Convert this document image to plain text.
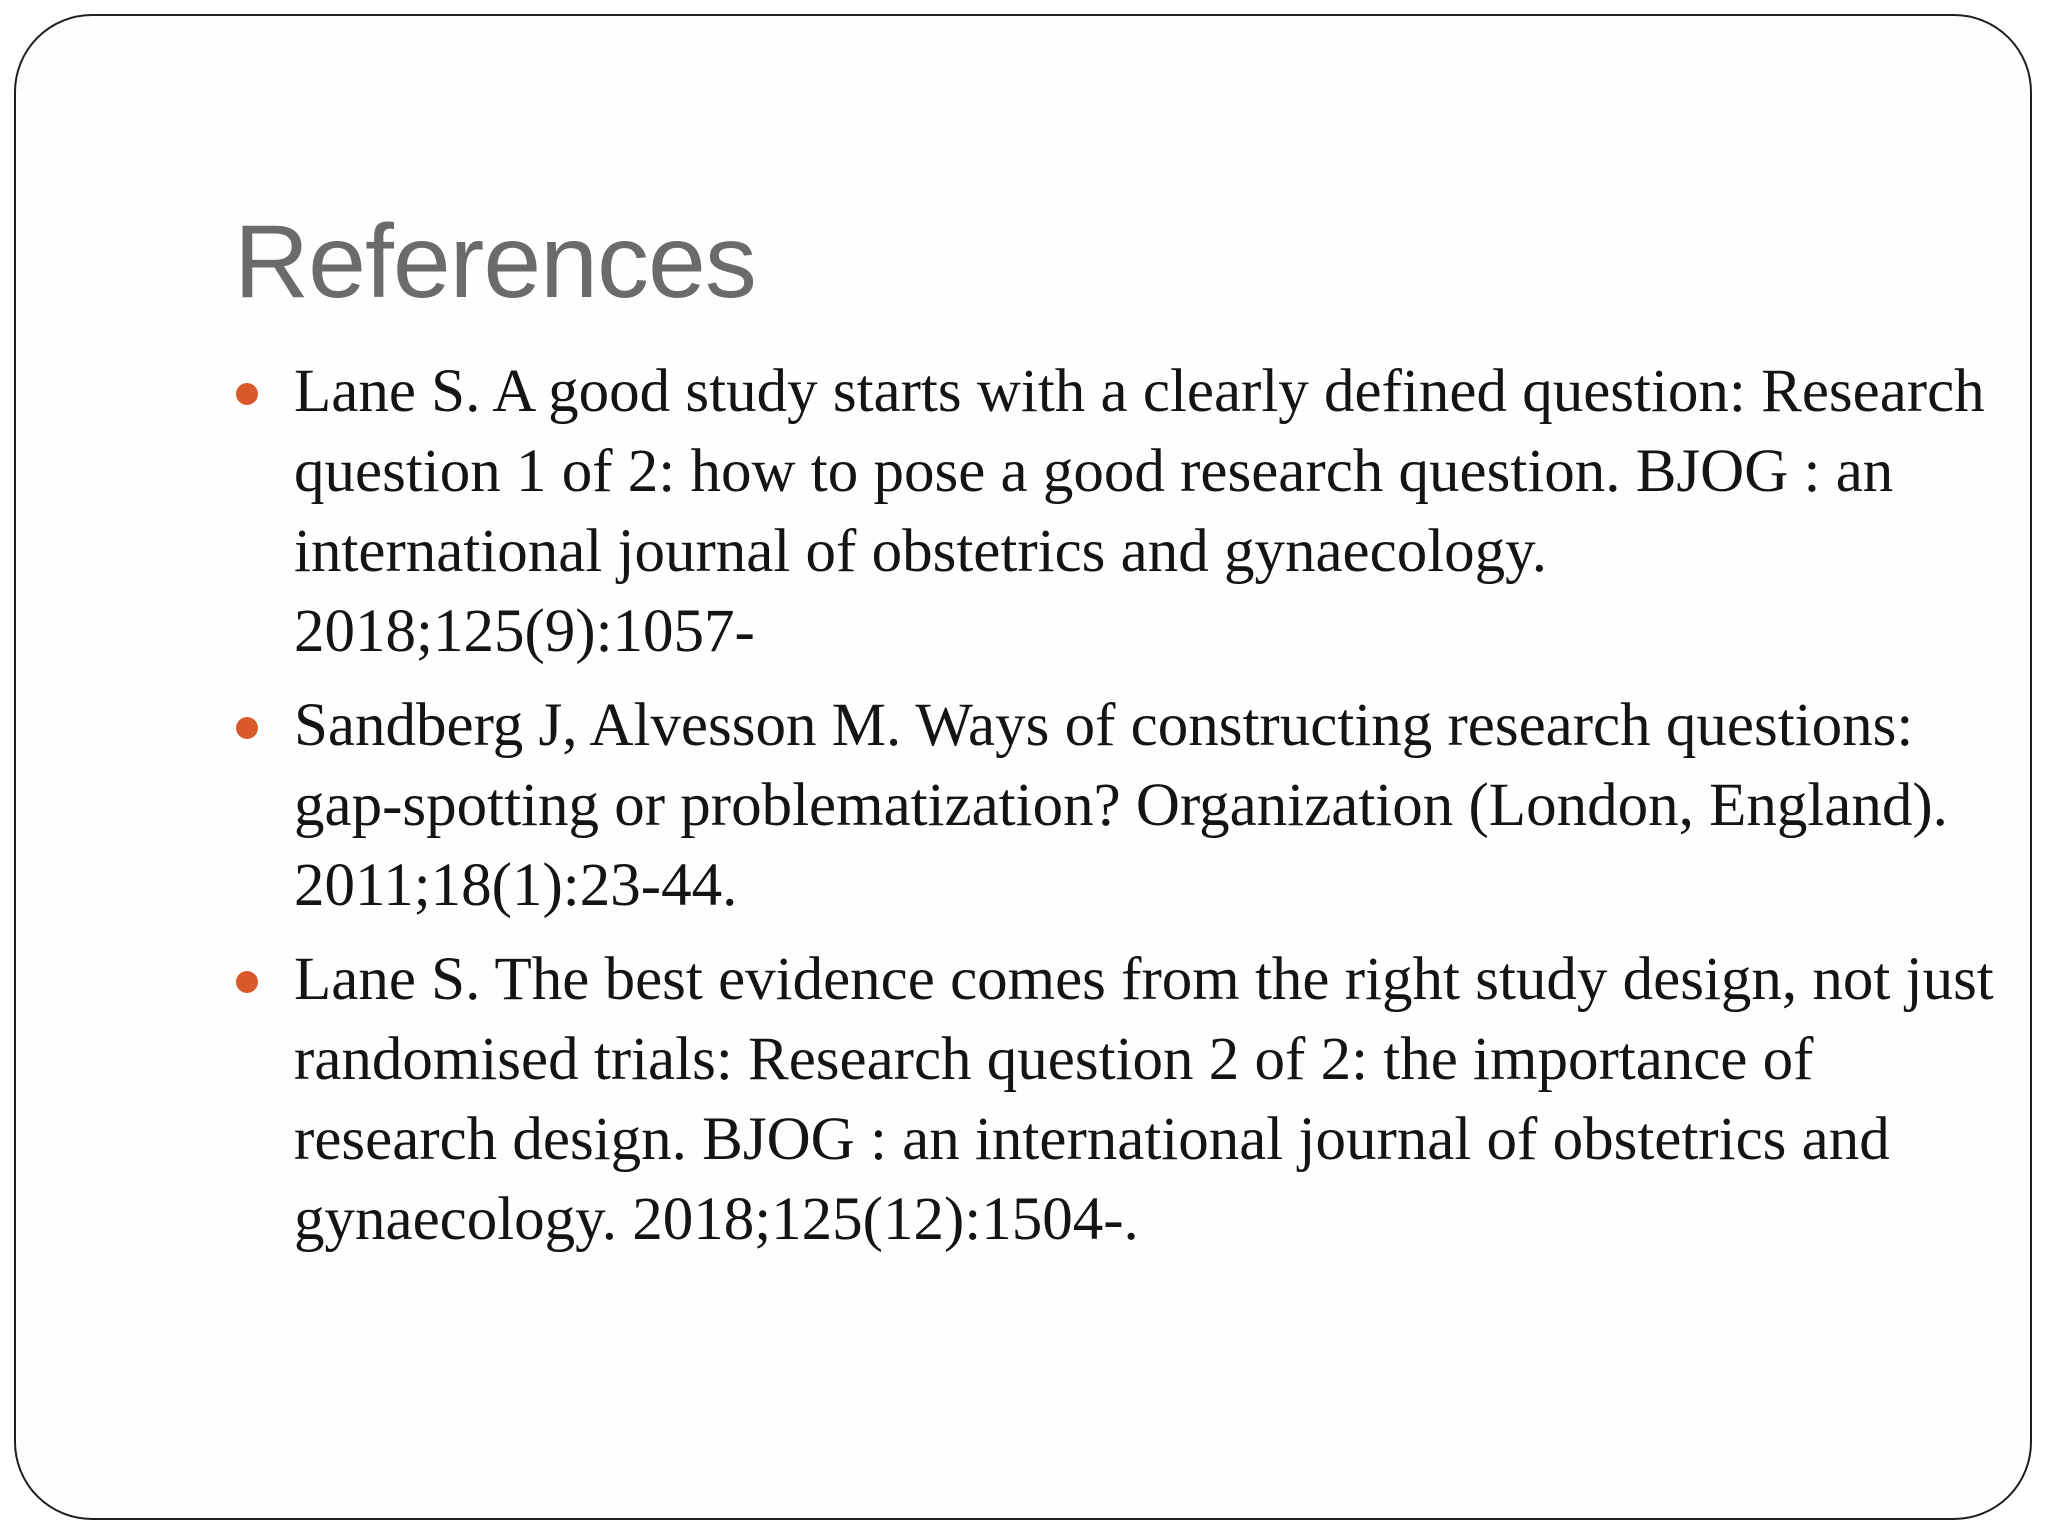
References
Lane S. A good study starts with a clearly defined question: Research question 1 of 2: how to pose a good research question. BJOG : an international journal of obstetrics and gynaecology. 2018;125(9):1057-
Sandberg J, Alvesson M. Ways of constructing research questions: gap-spotting or problematization? Organization (London, England). 2011;18(1):23-44.
Lane S. The best evidence comes from the right study design, not just randomised trials: Research question 2 of 2: the importance of research design. BJOG : an international journal of obstetrics and gynaecology. 2018;125(12):1504-.
